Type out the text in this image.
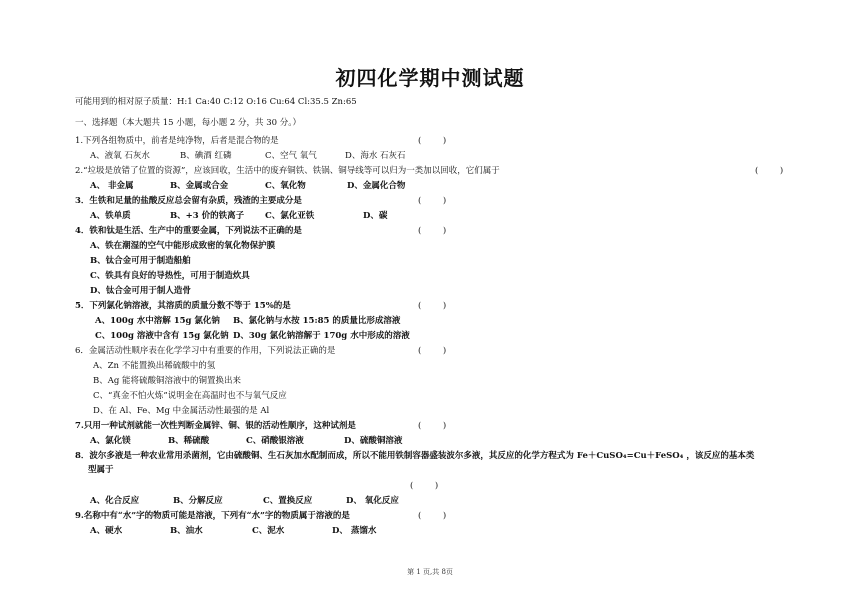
初四化学期中测试题
可能用到的相对原子质量：H:1 Ca:40 C:12 O:16 Cu:64 Cl:35.5 Zn:65
一、选择题（本大题共 15 小题，每小题 2 分，共 30 分。）
1.下列各组物质中，前者是纯净物，后者是混合物的是	(        )
A、液氧 石灰水	B、碘酒 红磷	C、空气 氧气	D、海水 石灰石
2.“垃圾是放错了位置的资源”，应该回收，生活中的废弃铜铁、铁锅、铜导线等可以归为一类加以回收，它们属于	(        )
A、 非金属	B、金属或合金	C、氧化物	D、金属化合物
3．生铁和足量的盐酸反应总会留有杂质，残渣的主要成分是	(        )
A、铁单质	B、+3 价的铁离子 C、氯化亚铁	D、碳
4．铁和钛是生活、生产中的重要金属，下列说法不正确的是	(        )
A、铁在潮湿的空气中能形成致密的氧化物保护膜
B、钛合金可用于制造船舶
C、铁具有良好的导热性，可用于制造炊具
D、钛合金可用于制人造骨
5．下列氯化钠溶液，其溶质的质量分数不等于 15%的是	(        )
A、100g 水中溶解 15g 氯化钠 B、氯化钠与水按 15:85 的质量比形成溶液
C、100g 溶液中含有 15g 氯化钠 D、30g 氯化钠溶解于 170g 水中形成的溶液
6．金属活动性顺序表在化学学习中有重要的作用，下列说法正确的是	(        )
A、Zn 不能置换出稀硫酸中的氢
B、Ag 能将硫酸铜溶液中的铜置换出来
C、“真金不怕火炼”说明金在高温时也不与氧气反应
D、在 Al、Fe、Mg 中金属活动性最强的是 Al
7.只用一种试剂就能一次性判断金属锌、铜、银的活动性顺序，这种试剂是	(        )
A、氯化镁	B、稀硫酸	C、硝酸银溶液	D、硫酸铜溶液
8．波尔多液是一种农业常用杀菌剂，它由硫酸铜、生石灰加水配制而成，所以不能用铁制容器盛装波尔多液，其反应的化学方程式为 Fe＋CuSO₄=Cu＋FeSO₄ ，该反应的基本类
型属于
(        )
A、化合反应	B、分解反应	C、置换反应	D、 氧化反应
9.名称中有“水”字的物质可能是溶液，下列有“水”字的物质属于溶液的是	(        )
A、硬水	B、油水	C、泥水	D、 蒸馏水
第 1 页,共 8页
